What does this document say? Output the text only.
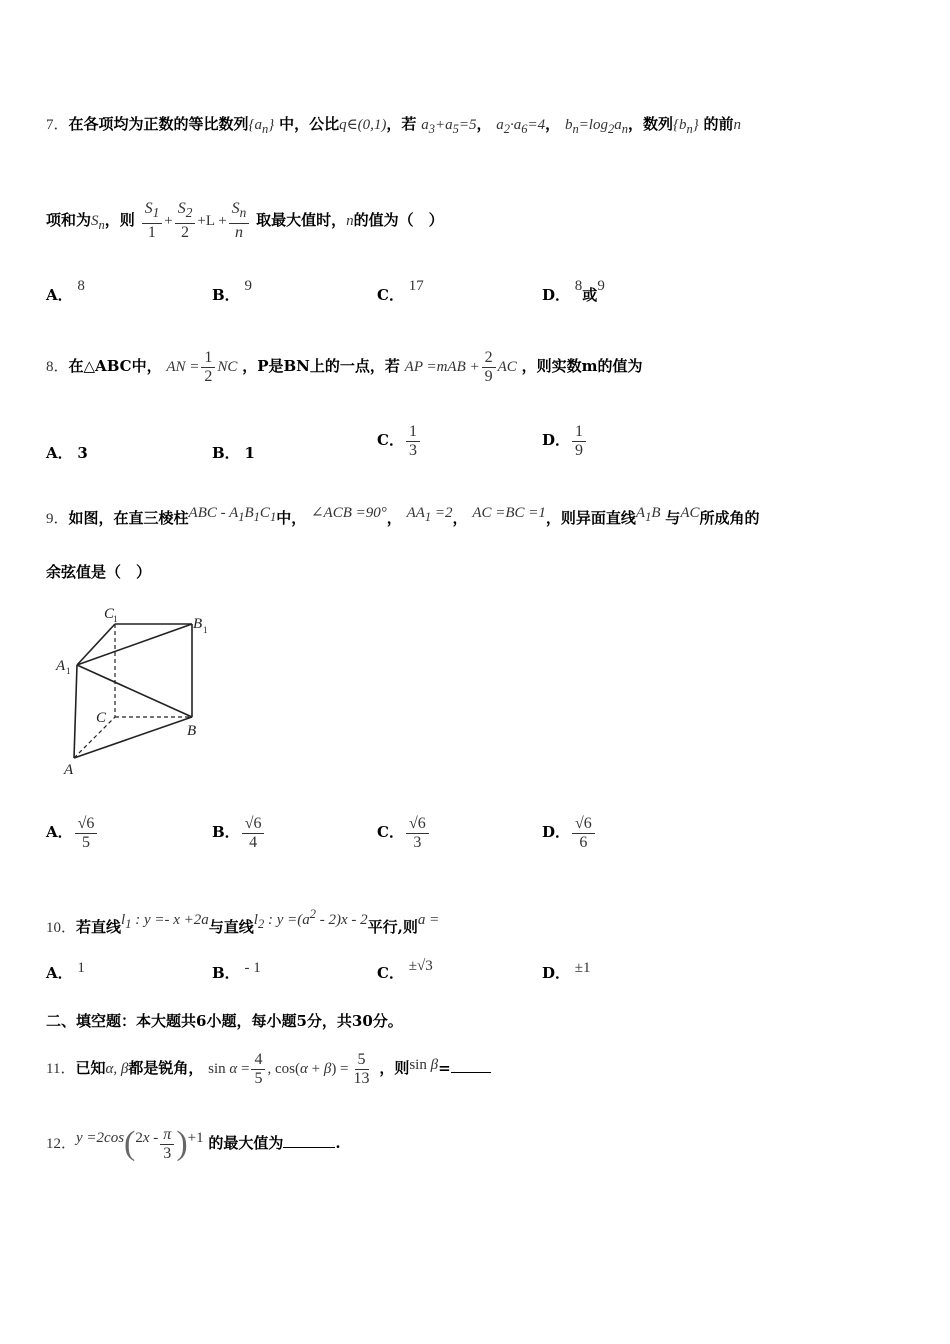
7．在各项均为正数的等比数列$\{a_n\}$ 中，公比q∈(0,1)，若 $a_3+a_5=5$， $a_2\cdot a_6=4$， $b_n=\log_2a_n$，数列$\{b_n\}$ 的前n
项和为$S_n$，则 $\frac{S_1}{1} + \frac{S_2}{2} +L + \frac{S_n}{n}$ 取最大值时，n的值为（　）
A． 8	B． 9	C． 17	D． 8或9
8．在△ABC中， AN = $\frac{1}{2}$ NC ，P是BN上的一点，若 AP $=mAB + \frac{2}{9}$ AC ，则实数m的值为
A． 3	B． 1
C． $\frac{1}{3}$	D． $\frac{1}{9}$
9．如图，在直三棱柱ABC - $A_1B_1C_1$中， ∠ACB =90°， $AA_1 =2$， AC =BC =1，则异面直线$A_1B$ 与AC所成角的
余弦值是（　）
C
1	B 1
A 1
C
B
A
A． $\frac{√6}{5}$	B． $\frac{√6}{4}$	C． $\frac{√6}{3}$	D． $\frac{√6}{6}$
10．若直线$l_1$ : y =- x +2a与直线$l_2$ : $y =(a^2 - 2)x - 2$平行,则a =
A． 1	B． - 1	C． ±√3	D． ±1
二、填空题：本大题共6小题，每小题5分，共30分。
11．已知α, β都是锐角， $\sin \alpha = \frac{4}{5}$ , $\cos(\alpha + \beta) = \frac{5}{13}$ ，则sin β=
12．$y =2\cos(2x - \frac{\pi}{3} )+1$ 的最大值为	.
